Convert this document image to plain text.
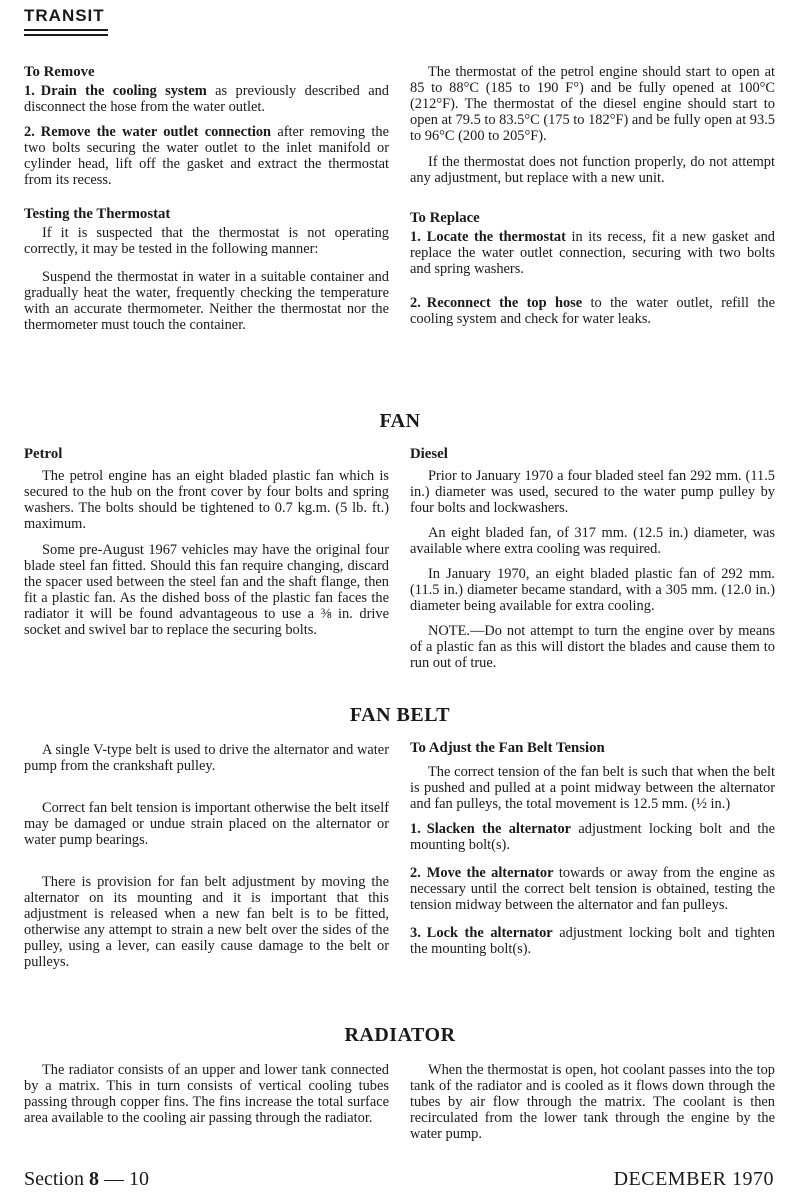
TRANSIT
To Remove

1. Drain the cooling system as previously described and disconnect the hose from the water outlet.

2. Remove the water outlet connection after removing the two bolts securing the water outlet to the inlet manifold or cylinder head, lift off the gasket and extract the thermostat from its recess.

Testing the Thermostat

If it is suspected that the thermostat is not operating correctly, it may be tested in the following manner:

Suspend the thermostat in water in a suitable container and gradually heat the water, frequently checking the temperature with an accurate thermometer. Neither the thermostat nor the thermometer must touch the container.

The thermostat of the petrol engine should start to open at 85 to 88°C (185 to 190 F°) and be fully opened at 100°C (212°F). The thermostat of the diesel engine should start to open at 79.5 to 83.5°C (175 to 182°F) and be fully open at 93.5 to 96°C (200 to 205°F).

If the thermostat does not function properly, do not attempt any adjustment, but replace with a new unit.

To Replace

1. Locate the thermostat in its recess, fit a new gasket and replace the water outlet connection, securing with two bolts and spring washers.

2. Reconnect the top hose to the water outlet, refill the cooling system and check for water leaks.

FAN
Petrol

The petrol engine has an eight bladed plastic fan which is secured to the hub on the front cover by four bolts and spring washers. The bolts should be tightened to 0.7 kg.m. (5 lb. ft.) maximum.

Some pre-August 1967 vehicles may have the original four blade steel fan fitted. Should this fan require changing, discard the spacer used between the steel fan and the shaft flange, then fit a plastic fan. As the dished boss of the plastic fan faces the radiator it will be found advantageous to use a ⅜ in. drive socket and swivel bar to replace the securing bolts.

Diesel

Prior to January 1970 a four bladed steel fan 292 mm. (11.5 in.) diameter was used, secured to the water pump pulley by four bolts and lockwashers.

An eight bladed fan, of 317 mm. (12.5 in.) diameter, was available where extra cooling was required.

In January 1970, an eight bladed plastic fan of 292 mm. (11.5 in.) diameter became standard, with a 305 mm. (12.0 in.) diameter being available for extra cooling.

NOTE.—Do not attempt to turn the engine over by means of a plastic fan as this will distort the blades and cause them to run out of true.

FAN BELT

A single V-type belt is used to drive the alternator and water pump from the crankshaft pulley.

Correct fan belt tension is important otherwise the belt itself may be damaged or undue strain placed on the alternator or water pump bearings.

There is provision for fan belt adjustment by moving the alternator on its mounting and it is important that this adjustment is released when a new fan belt is to be fitted, otherwise any attempt to strain a new belt over the sides of the pulley, using a lever, can easily cause damage to the belt or pulleys.

To Adjust the Fan Belt Tension

The correct tension of the fan belt is such that when the belt is pushed and pulled at a point midway between the alternator and fan pulleys, the total movement is 12.5 mm. (½ in.)

1. Slacken the alternator adjustment locking bolt and the mounting bolt(s).

2. Move the alternator towards or away from the engine as necessary until the correct belt tension is obtained, testing the tension midway between the alternator and fan pulleys.

3. Lock the alternator adjustment locking bolt and tighten the mounting bolt(s).

RADIATOR

The radiator consists of an upper and lower tank connected by a matrix. This in turn consists of vertical cooling tubes passing through copper fins. The fins increase the total surface area available to the cooling air passing through the radiator.

When the thermostat is open, hot coolant passes into the top tank of the radiator and is cooled as it flows down through the tubes by air flow through the matrix. The coolant is then recirculated from the lower tank through the engine by the water pump.

Section 8 — 10	DECEMBER 1970
